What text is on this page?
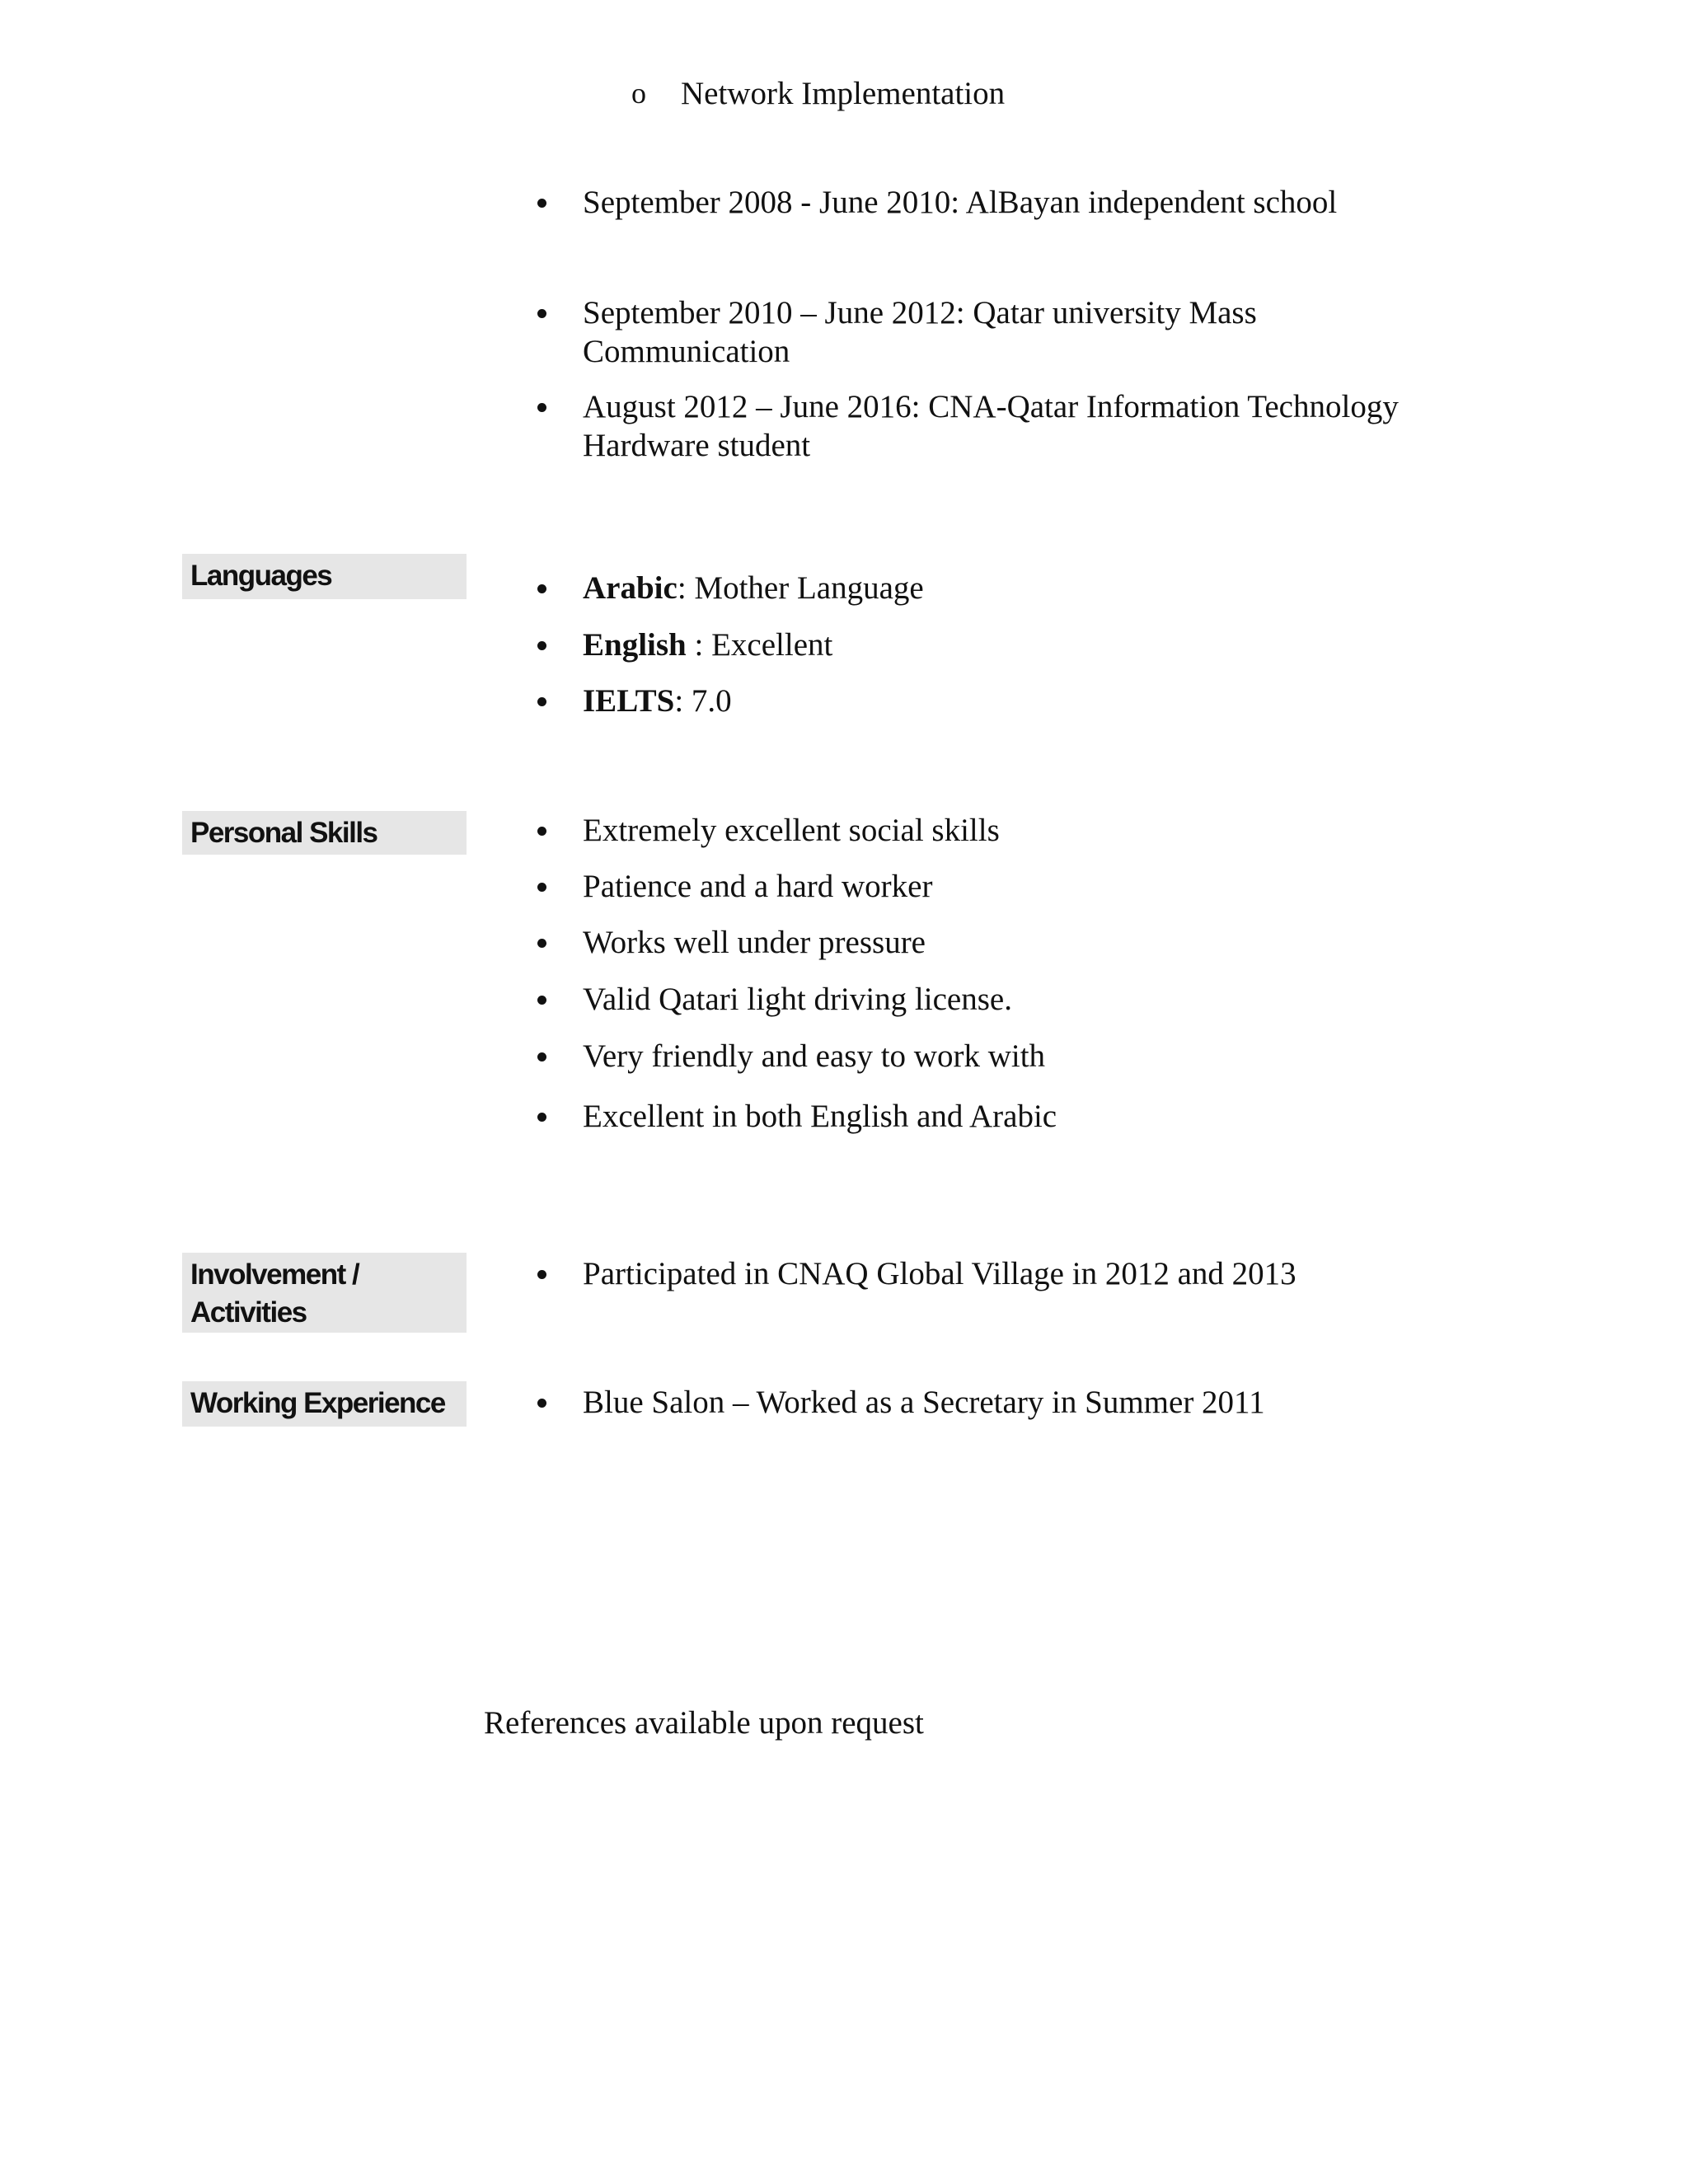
o Network Implementation
September 2008 - June 2010: AlBayan independent school
September 2010 – June 2012: Qatar university Mass
Communication
August 2012 – June 2016: CNA-Qatar Information Technology
Hardware student
Languages	Arabic: Mother Language
English : Excellent
IELTS: 7.0
Personal Skills	Extremely excellent social skills
Patience and a hard worker
Works well under pressure
Valid Qatari light driving license.
Very friendly and easy to work with
Excellent in both English and Arabic
Involvement /
Activities
Participated in CNAQ Global Village in 2012 and 2013
Working Experience	Blue Salon – Worked as a Secretary in Summer 2011
References available upon request
